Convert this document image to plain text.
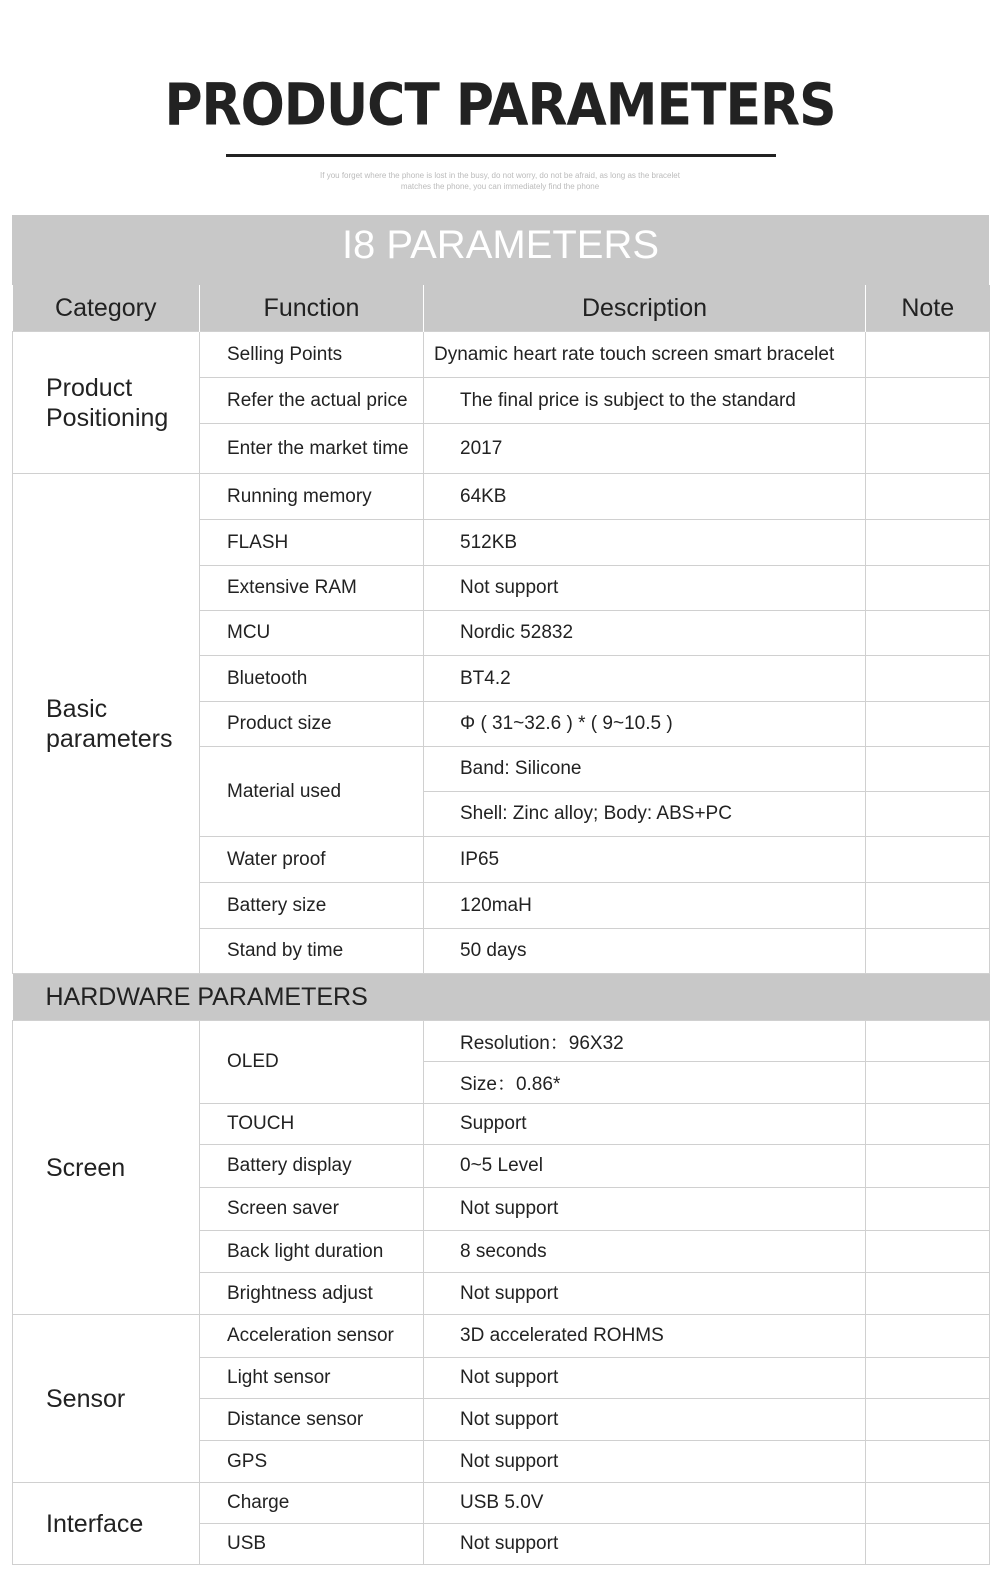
PRODUCT PARAMETERS
If you forget where the phone is lost in the busy, do not worry, do not be afraid, as long as the bracelet matches the phone, you can immediately find the phone
I8 PARAMETERS
Category	Function	Description	Note
Product Positioning	Selling Points	Dynamic heart rate touch screen smart bracelet	
	Refer the actual price	The final price is subject to the standard	
	Enter the market time	2017	
Basic parameters	Running memory	64KB	
	FLASH	512KB	
	Extensive RAM	Not support	
	MCU	Nordic 52832	
	Bluetooth	BT4.2	
	Product size	Φ ( 31~32.6 ) * ( 9~10.5 )	
	Material used	Band: Silicone	
		Shell: Zinc alloy; Body: ABS+PC	
	Water proof	IP65	
	Battery size	120maH	
	Stand by time	50 days	
HARDWARE PARAMETERS			
Screen	OLED	Resolution：96X32	
		Size：0.86*	
	TOUCH	Support	
	Battery display	0~5 Level	
	Screen saver	Not support	
	Back light duration	8 seconds	
	Brightness adjust	Not support	
Sensor	Acceleration sensor	3D accelerated ROHMS	
	Light sensor	Not support	
	Distance sensor	Not support	
	GPS	Not support	
Interface	Charge	USB 5.0V	
	USB	Not support	
